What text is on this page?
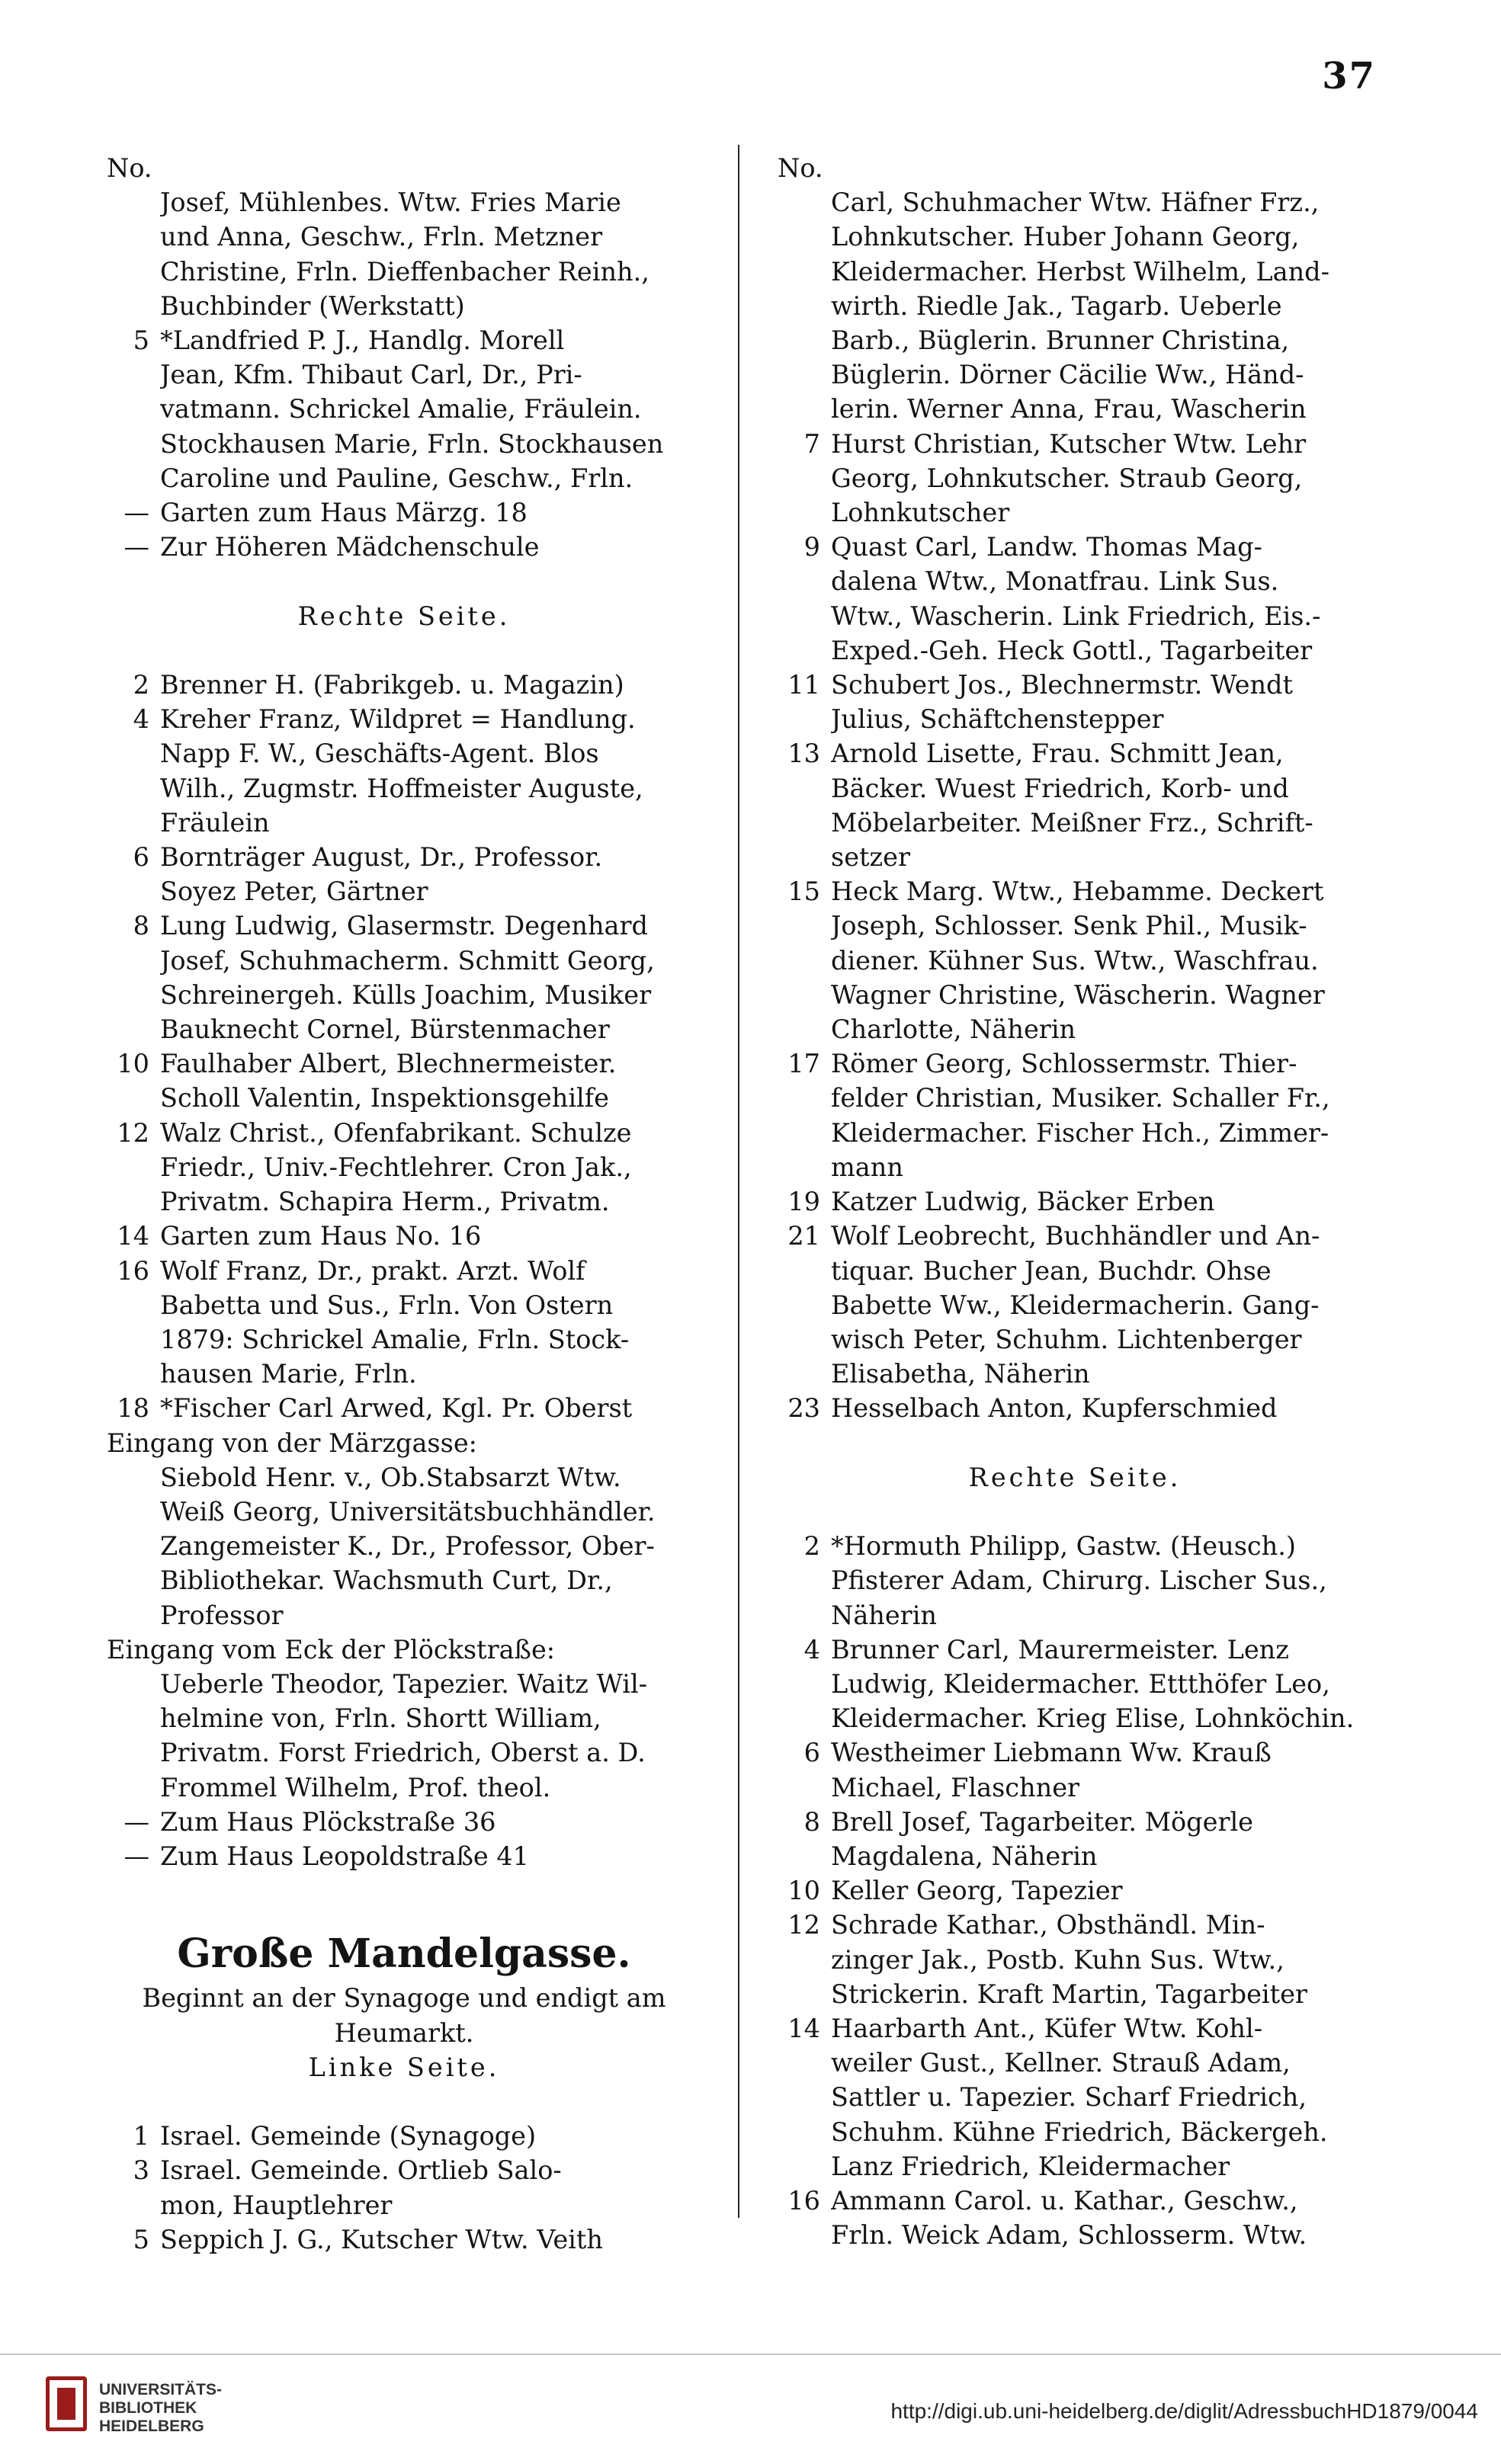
37
No.
Josef, Mühlenbes. Wtw. Fries Marie
und Anna, Geschw., Frln. Metzner
Christine, Frln. Dieffenbacher Reinh.,
Buchbinder (Werkstatt)
5 *Landfried P. J., Handlg. Morell
Jean, Kfm. Thibaut Carl, Dr., Pri-
vatmann. Schrickel Amalie, Fräulein.
Stockhausen Marie, Frln. Stockhausen
Caroline und Pauline, Geschw., Frln.
— Garten zum Haus Märzg. 18
— Zur Höheren Mädchenschule

Rechte Seite.

2 Brenner H. (Fabrikgeb. u. Magazin)
4 Kreher Franz, Wildpret = Handlung.
Napp F. W., Geschäfts-Agent. Blos
Wilh., Zugmstr. Hoffmeister Auguste,
Fräulein
6 Bornträger August, Dr., Professor.
Soyez Peter, Gärtner
8 Lung Ludwig, Glasermstr. Degenhard
Josef, Schuhmacherm. Schmitt Georg,
Schreinergeh. Külls Joachim, Musiker
Bauknecht Cornel, Bürstenmacher
10 Faulhaber Albert, Blechnermeister.
Scholl Valentin, Inspektionsgehilfe
12 Walz Christ., Ofenfabrikant. Schulze
Friedr., Univ.-Fechtlehrer. Cron Jak.,
Privatm. Schapira Herm., Privatm.
14 Garten zum Haus No. 16
16 Wolf Franz, Dr., prakt. Arzt. Wolf
Babetta und Sus., Frln. Von Ostern
1879: Schrickel Amalie, Frln. Stock-
hausen Marie, Frln.
18 *Fischer Carl Arwed, Kgl. Pr. Oberst
Eingang von der Märzgasse:
Siebold Henr. v., Ob.Stabsarzt Wtw.
Weiß Georg, Universitätsbuchhändler.
Zangemeister K., Dr., Professor, Ober-
Bibliothekar. Wachsmuth Curt, Dr.,
Professor
Eingang vom Eck der Plöckstraße:
Ueberle Theodor, Tapezier. Waitz Wil-
helmine von, Frln. Shortt William,
Privatm. Forst Friedrich, Oberst a. D.
Frommel Wilhelm, Prof. theol.
— Zum Haus Plöckstraße 36
— Zum Haus Leopoldstraße 41

Große Mandelgasse.
Beginnt an der Synagoge und endigt am
Heumarkt.
Linke Seite.

1 Israel. Gemeinde (Synagoge)
3 Israel. Gemeinde. Ortlieb Salo-
mon, Hauptlehrer
5 Seppich J. G., Kutscher Wtw. Veith
No.
Carl, Schuhmacher Wtw. Häfner Frz.,
Lohnkutscher. Huber Johann Georg,
Kleidermacher. Herbst Wilhelm, Land-
wirth. Riedle Jak., Tagarb. Ueberle
Barb., Büglerin. Brunner Christina,
Büglerin. Dörner Cäcilie Ww., Händ-
lerin. Werner Anna, Frau, Wascherin
7 Hurst Christian, Kutscher Wtw. Lehr
Georg, Lohnkutscher. Straub Georg,
Lohnkutscher
9 Quast Carl, Landw. Thomas Mag-
dalena Wtw., Monatfrau. Link Sus.
Wtw., Wascherin. Link Friedrich, Eis.-
Exped.-Geh. Heck Gottl., Tagarbeiter
11 Schubert Jos., Blechnermstr. Wendt
Julius, Schäftchenstepper
13 Arnold Lisette, Frau. Schmitt Jean,
Bäcker. Wuest Friedrich, Korb- und
Möbelarbeiter. Meißner Frz., Schrift-
setzer
15 Heck Marg. Wtw., Hebamme. Deckert
Joseph, Schlosser. Senk Phil., Musik-
diener. Kühner Sus. Wtw., Waschfrau.
Wagner Christine, Wäscherin. Wagner
Charlotte, Näherin
17 Römer Georg, Schlossermstr. Thier-
felder Christian, Musiker. Schaller Fr.,
Kleidermacher. Fischer Hch., Zimmer-
mann
19 Katzer Ludwig, Bäcker Erben
21 Wolf Leobrecht, Buchhändler und An-
tiquar. Bucher Jean, Buchdr. Ohse
Babette Ww., Kleidermacherin. Gang-
wisch Peter, Schuhm. Lichtenberger
Elisabetha, Näherin
23 Hesselbach Anton, Kupferschmied

Rechte Seite.

2 *Hormuth Philipp, Gastw. (Heusch.)
Pfisterer Adam, Chirurg. Lischer Sus.,
Näherin
4 Brunner Carl, Maurermeister. Lenz
Ludwig, Kleidermacher. Ettthöfer Leo,
Kleidermacher. Krieg Elise, Lohnköchin.
6 Westheimer Liebmann Ww. Krauß
Michael, Flaschner
8 Brell Josef, Tagarbeiter. Mögerle
Magdalena, Näherin
10 Keller Georg, Tapezier
12 Schrade Kathar., Obsthändl. Min-
zinger Jak., Postb. Kuhn Sus. Wtw.,
Strickerin. Kraft Martin, Tagarbeiter
14 Haarbarth Ant., Küfer Wtw. Kohl-
weiler Gust., Kellner. Strauß Adam,
Sattler u. Tapezier. Scharf Friedrich,
Schuhm. Kühne Friedrich, Bäckergeh.
Lanz Friedrich, Kleidermacher
16 Ammann Carol. u. Kathar., Geschw.,
Frln. Weick Adam, Schlosserm. Wtw.
UNIVERSITÄTS-
BIBLIOTHEK
HEIDELBERG
http://digi.ub.uni-heidelberg.de/diglit/AdressbuchHD1879/0044
